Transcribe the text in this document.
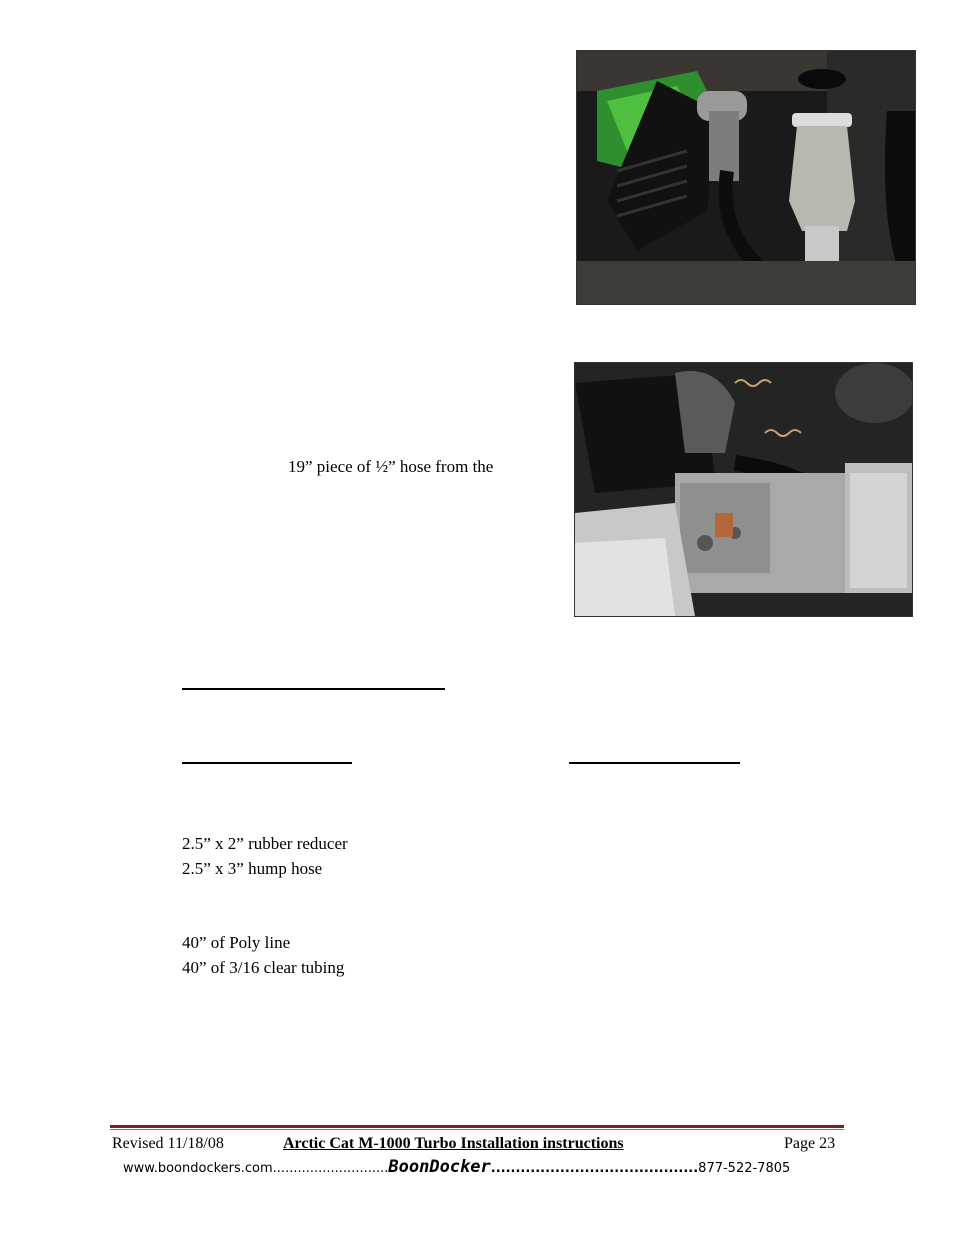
19” piece of ½” hose from the
2.5” x 2” rubber reducer
2.5” x 3” hump hose
40” of Poly line
40” of 3/16 clear tubing
Revised 11/18/08	Arctic Cat M-1000 Turbo Installation instructions	Page 23
www.boondockers.com............................BoonDocker..........................................877-522-7805
